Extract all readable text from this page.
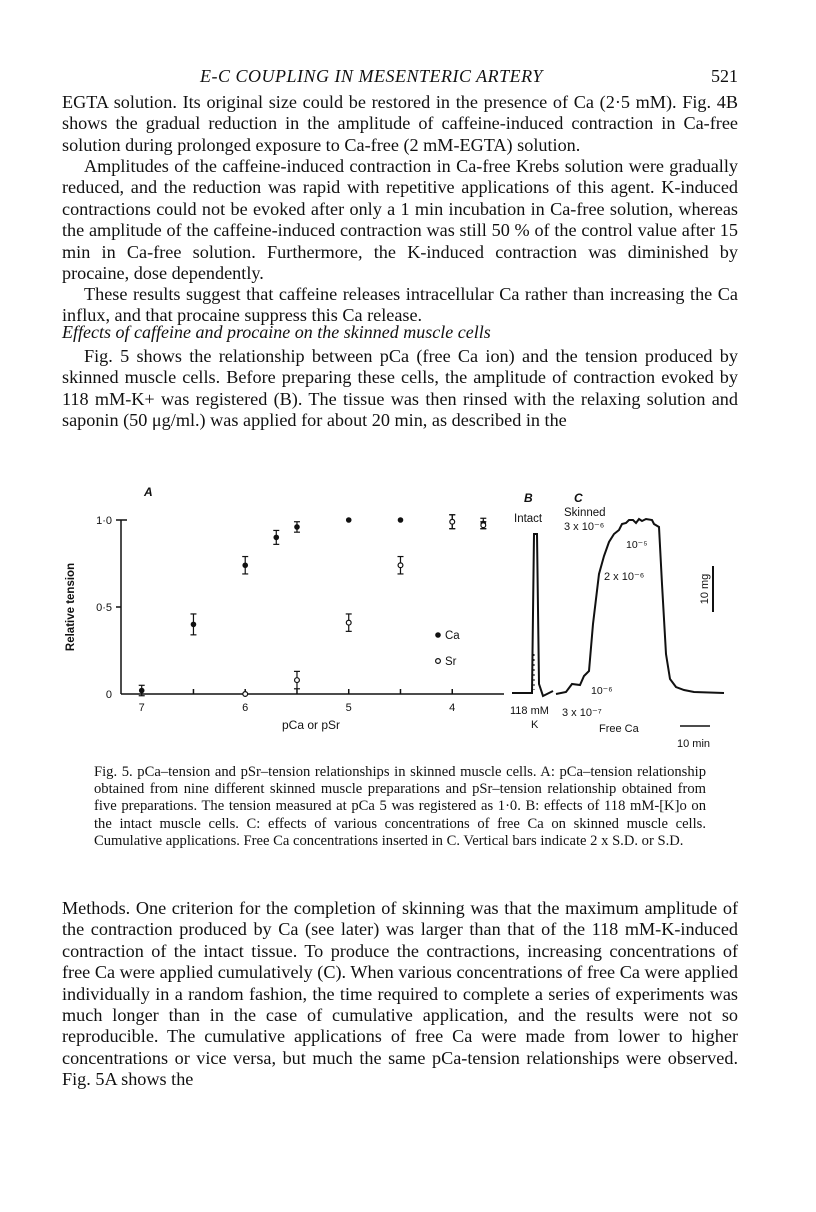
E-C COUPLING IN MESENTERIC ARTERY	521

EGTA solution. Its original size could be restored in the presence of Ca (2·5 mM). Fig. 4B shows the gradual reduction in the amplitude of caffeine-induced contraction in Ca-free solution during prolonged exposure to Ca-free (2 mM-EGTA) solution.

Amplitudes of the caffeine-induced contraction in Ca-free Krebs solution were gradually reduced, and the reduction was rapid with repetitive applications of this agent. K-induced contractions could not be evoked after only a 1 min incubation in Ca-free solution, whereas the amplitude of the caffeine-induced contraction was still 50 % of the control value after 15 min in Ca-free solution. Furthermore, the K-induced contraction was diminished by procaine, dose dependently.

These results suggest that caffeine releases intracellular Ca rather than increasing the Ca influx, and that procaine suppress this Ca release.

Effects of caffeine and procaine on the skinned muscle cells

Fig. 5 shows the relationship between pCa (free Ca ion) and the tension produced by skinned muscle cells. Before preparing these cells, the amplitude of contraction evoked by 118 mM-K+ was registered (B). The tissue was then rinsed with the relaxing solution and saponin (50 μg/ml.) was applied for about 20 min, as described in the

A	B	C
0
0·5
1·0
7	6	5	4
Relative tension
pCa or pSr
Ca
Sr
Intact
118 mM
K
Skinned
3 x 10⁻⁶
10⁻⁵
2 x 10⁻⁶
10⁻⁶
3 x 10⁻⁷
Free Ca
10 mg
10 min

Fig. 5. pCa–tension and pSr–tension relationships in skinned muscle cells. A: pCa–tension relationship obtained from nine different skinned muscle preparations and pSr–tension relationship obtained from five preparations. The tension measured at pCa 5 was registered as 1·0. B: effects of 118 mM-[K]o on the intact muscle cells. C: effects of various concentrations of free Ca on skinned muscle cells. Cumulative applications. Free Ca concentrations inserted in C. Vertical bars indicate 2 x S.D. or S.D.

Methods. One criterion for the completion of skinning was that the maximum amplitude of the contraction produced by Ca (see later) was larger than that of the 118 mM-K-induced contraction of the intact tissue. To produce the contractions, increasing concentrations of free Ca were applied cumulatively (C). When various concentrations of free Ca were applied individually in a random fashion, the time required to complete a series of experiments was much longer than in the case of cumulative application, and the results were not so reproducible. The cumulative applications of free Ca were made from lower to higher concentrations or vice versa, but much the same pCa-tension relationships were observed. Fig. 5A shows the
